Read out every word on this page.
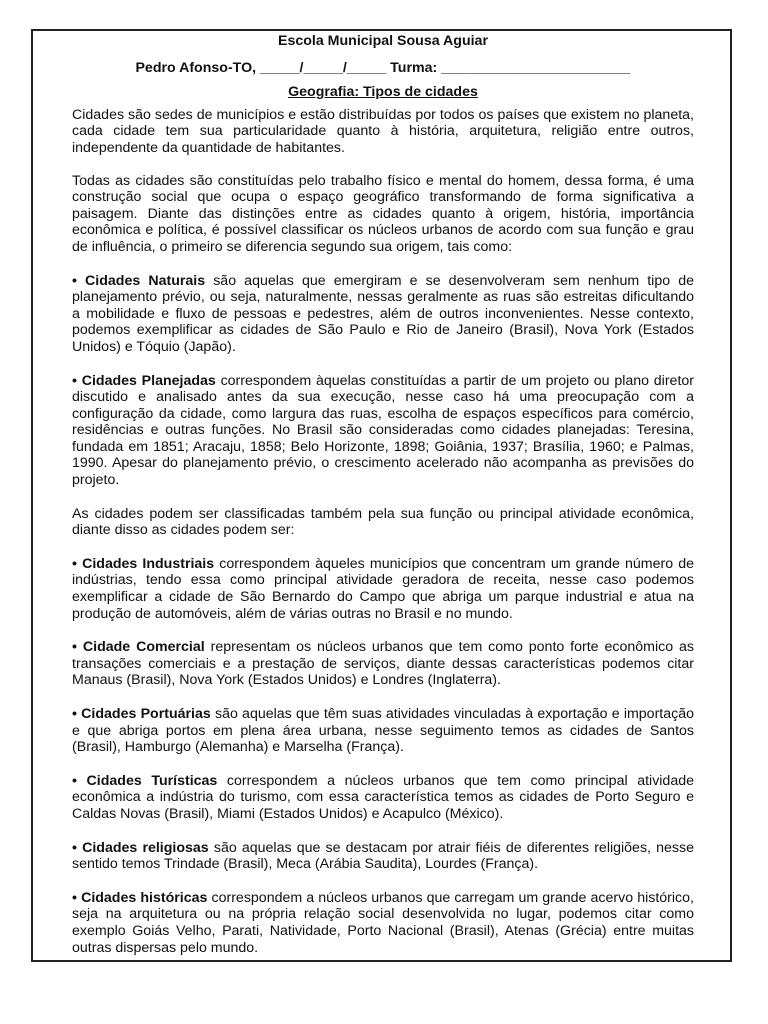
Escola Municipal Sousa Aguiar

Pedro Afonso-TO, _____/_____/_____ Turma: ________________________

Geografia: Tipos de cidades

Cidades são sedes de municípios e estão distribuídas por todos os países que existem no planeta, cada cidade tem sua particularidade quanto à história, arquitetura, religião entre outros, independente da quantidade de habitantes.

Todas as cidades são constituídas pelo trabalho físico e mental do homem, dessa forma, é uma construção social que ocupa o espaço geográfico transformando de forma significativa a paisagem. Diante das distinções entre as cidades quanto à origem, história, importância econômica e política, é possível classificar os núcleos urbanos de acordo com sua função e grau de influência, o primeiro se diferencia segundo sua origem, tais como:

• Cidades Naturais são aquelas que emergiram e se desenvolveram sem nenhum tipo de planejamento prévio, ou seja, naturalmente, nessas geralmente as ruas são estreitas dificultando a mobilidade e fluxo de pessoas e pedestres, além de outros inconvenientes. Nesse contexto, podemos exemplificar as cidades de São Paulo e Rio de Janeiro (Brasil), Nova York (Estados Unidos) e Tóquio (Japão).

• Cidades Planejadas correspondem àquelas constituídas a partir de um projeto ou plano diretor discutido e analisado antes da sua execução, nesse caso há uma preocupação com a configuração da cidade, como largura das ruas, escolha de espaços específicos para comércio, residências e outras funções. No Brasil são consideradas como cidades planejadas: Teresina, fundada em 1851; Aracaju, 1858; Belo Horizonte, 1898; Goiânia, 1937; Brasília, 1960; e Palmas, 1990. Apesar do planejamento prévio, o crescimento acelerado não acompanha as previsões do projeto.

As cidades podem ser classificadas também pela sua função ou principal atividade econômica, diante disso as cidades podem ser:

• Cidades Industriais correspondem àqueles municípios que concentram um grande número de indústrias, tendo essa como principal atividade geradora de receita, nesse caso podemos exemplificar a cidade de São Bernardo do Campo que abriga um parque industrial e atua na produção de automóveis, além de várias outras no Brasil e no mundo.

• Cidade Comercial representam os núcleos urbanos que tem como ponto forte econômico as transações comerciais e a prestação de serviços, diante dessas características podemos citar Manaus (Brasil), Nova York (Estados Unidos) e Londres (Inglaterra).

• Cidades Portuárias são aquelas que têm suas atividades vinculadas à exportação e importação e que abriga portos em plena área urbana, nesse seguimento temos as cidades de Santos (Brasil), Hamburgo (Alemanha) e Marselha (França).

• Cidades Turísticas correspondem a núcleos urbanos que tem como principal atividade econômica a indústria do turismo, com essa característica temos as cidades de Porto Seguro e Caldas Novas (Brasil), Miami (Estados Unidos) e Acapulco (México).

• Cidades religiosas são aquelas que se destacam por atrair fiéis de diferentes religiões, nesse sentido temos Trindade (Brasil), Meca (Arábia Saudita), Lourdes (França).

• Cidades históricas correspondem a núcleos urbanos que carregam um grande acervo histórico, seja na arquitetura ou na própria relação social desenvolvida no lugar, podemos citar como exemplo Goiás Velho, Parati, Natividade, Porto Nacional (Brasil), Atenas (Grécia) entre muitas outras dispersas pelo mundo.
